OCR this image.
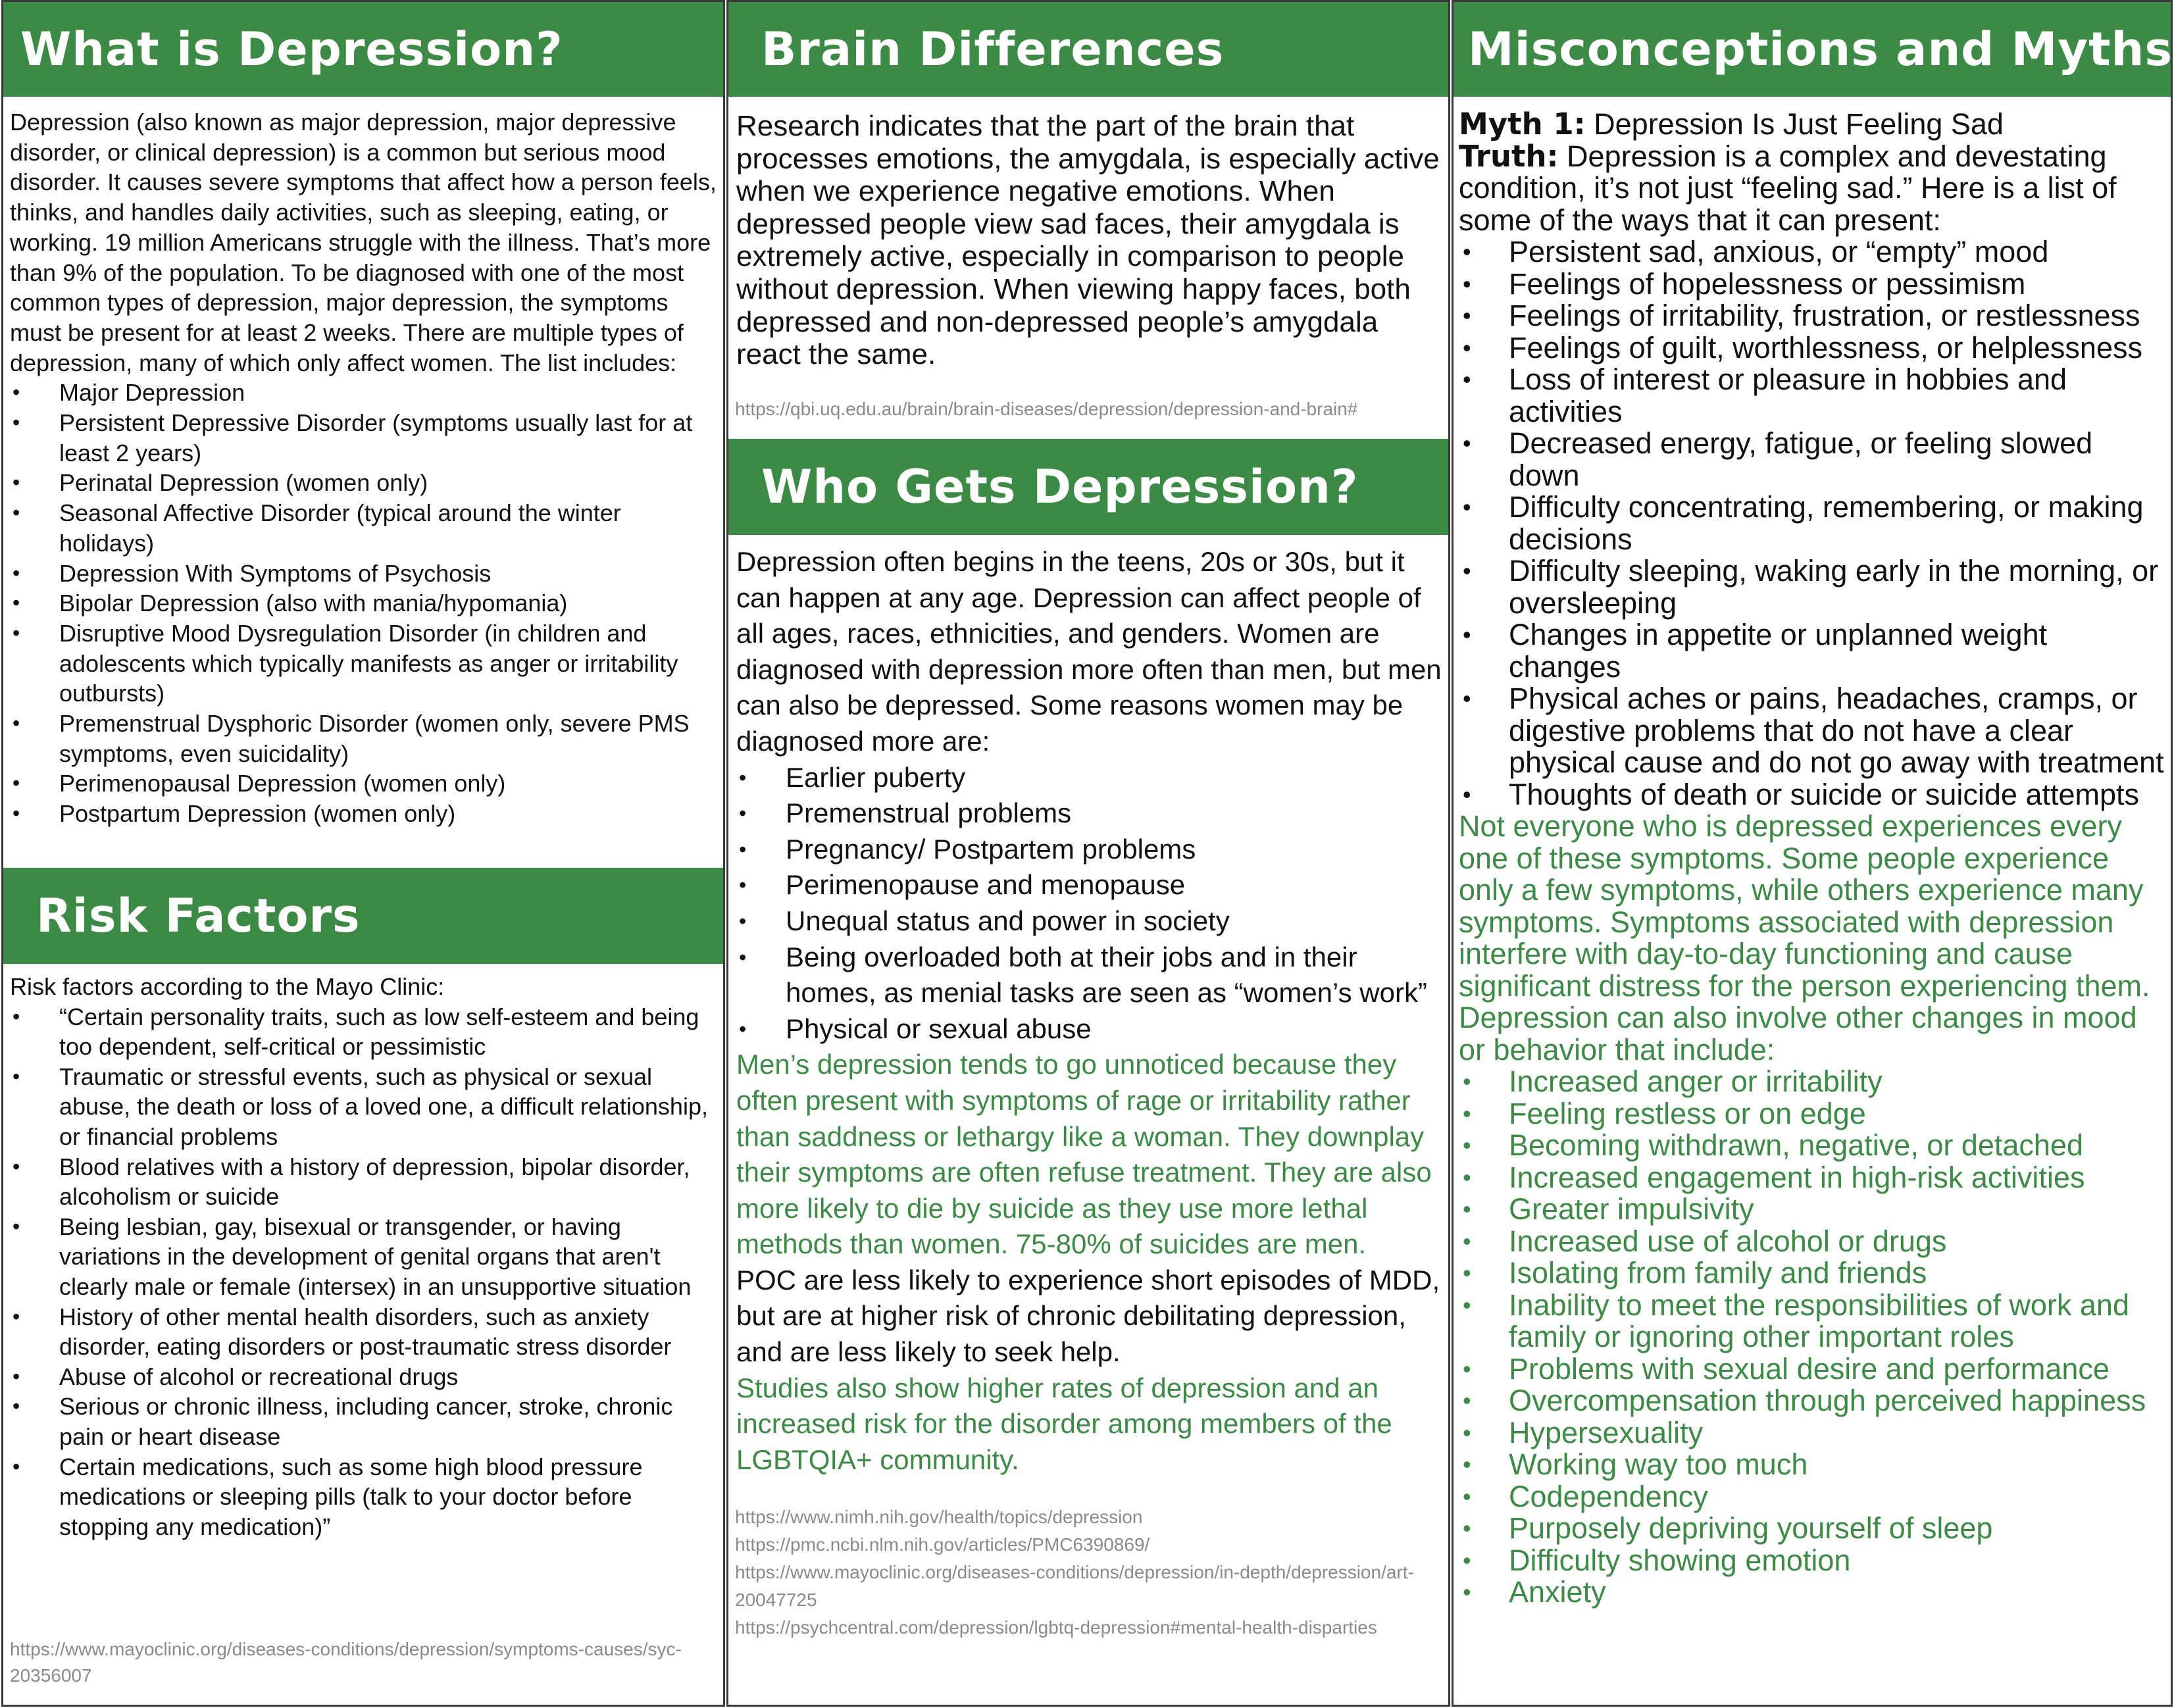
What is Depression?

Depression (also known as major depression, major depressive disorder, or clinical depression) is a common but serious mood disorder. It causes severe symptoms that affect how a person feels, thinks, and handles daily activities, such as sleeping, eating, or working. 19 million Americans struggle with the illness. That’s more than 9% of the population. To be diagnosed with one of the most common types of depression, major depression, the symptoms must be present for at least 2 weeks. There are multiple types of depression, many of which only affect women. The list includes:

• Major Depression
• Persistent Depressive Disorder (symptoms usually last for at least 2 years)
• Perinatal Depression (women only)
• Seasonal Affective Disorder (typical around the winter holidays)
• Depression With Symptoms of Psychosis
• Bipolar Depression (also with mania/hypomania)
• Disruptive Mood Dysregulation Disorder (in children and adolescents which typically manifests as anger or irritability outbursts)
• Premenstrual Dysphoric Disorder (women only, severe PMS symptoms, even suicidality)
• Perimenopausal Depression (women only)
• Postpartum Depression (women only)
Risk Factors

Risk factors according to the Mayo Clinic:

• “Certain personality traits, such as low self-esteem and being too dependent, self-critical or pessimistic
• Traumatic or stressful events, such as physical or sexual abuse, the death or loss of a loved one, a difficult relationship, or financial problems
• Blood relatives with a history of depression, bipolar disorder, alcoholism or suicide
• Being lesbian, gay, bisexual or transgender, or having variations in the development of genital organs that aren't clearly male or female (intersex) in an unsupportive situation
• History of other mental health disorders, such as anxiety disorder, eating disorders or post-traumatic stress disorder
• Abuse of alcohol or recreational drugs
• Serious or chronic illness, including cancer, stroke, chronic pain or heart disease
• Certain medications, such as some high blood pressure medications or sleeping pills (talk to your doctor before stopping any medication)”
https://www.mayoclinic.org/diseases-conditions/depression/symptoms-causes/syc-20356007
Brain Differences

Research indicates that the part of the brain that processes emotions, the amygdala, is especially active when we experience negative emotions. When depressed people view sad faces, their amygdala is extremely active, especially in comparison to people without depression. When viewing happy faces, both depressed and non-depressed people’s amygdala react the same.

https://qbi.uq.edu.au/brain/brain-diseases/depression/depression-and-brain#
Who Gets Depression?

Depression often begins in the teens, 20s or 30s, but it can happen at any age. Depression can affect people of all ages, races, ethnicities, and genders. Women are diagnosed with depression more often than men, but men can also be depressed. Some reasons women may be diagnosed more are:

• Earlier puberty
• Premenstrual problems
• Pregnancy/ Postpartem problems
• Perimenopause and menopause
• Unequal status and power in society
• Being overloaded both at their jobs and in their homes, as menial tasks are seen as “women’s work”
• Physical or sexual abuse

Men’s depression tends to go unnoticed because they often present with symptoms of rage or irritability rather than saddness or lethargy like a woman. They downplay their symptoms are often refuse treatment. They are also more likely to die by suicide as they use more lethal methods than women. 75-80% of suicides are men.

POC are less likely to experience short episodes of MDD, but are at higher risk of chronic debilitating depression, and are less likely to seek help.

Studies also show higher rates of depression and an increased risk for the disorder among members of the LGBTQIA+ community.

https://www.nimh.nih.gov/health/topics/depression
https://pmc.ncbi.nlm.nih.gov/articles/PMC6390869/
https://www.mayoclinic.org/diseases-conditions/depression/in-depth/depression/art-20047725
https://psychcentral.com/depression/lgbtq-depression#mental-health-disparties
Misconceptions and Myths

Myth 1: Depression Is Just Feeling Sad

Truth: Depression is a complex and devestating condition, it’s not just “feeling sad.” Here is a list of some of the ways that it can present:

• Persistent sad, anxious, or “empty” mood
• Feelings of hopelessness or pessimism
• Feelings of irritability, frustration, or restlessness
• Feelings of guilt, worthlessness, or helplessness
• Loss of interest or pleasure in hobbies and activities
• Decreased energy, fatigue, or feeling slowed down
• Difficulty concentrating, remembering, or making decisions
• Difficulty sleeping, waking early in the morning, or oversleeping
• Changes in appetite or unplanned weight changes
• Physical aches or pains, headaches, cramps, or digestive problems that do not have a clear physical cause and do not go away with treatment
• Thoughts of death or suicide or suicide attempts

Not everyone who is depressed experiences every one of these symptoms. Some people experience only a few symptoms, while others experience many symptoms. Symptoms associated with depression interfere with day-to-day functioning and cause significant distress for the person experiencing them. Depression can also involve other changes in mood or behavior that include:

• Increased anger or irritability
• Feeling restless or on edge
• Becoming withdrawn, negative, or detached
• Increased engagement in high-risk activities
• Greater impulsivity
• Increased use of alcohol or drugs
• Isolating from family and friends
• Inability to meet the responsibilities of work and family or ignoring other important roles
• Problems with sexual desire and performance
• Overcompensation through perceived happiness
• Hypersexuality
• Working way too much
• Codependency
• Purposely depriving yourself of sleep
• Difficulty showing emotion
• Anxiety
